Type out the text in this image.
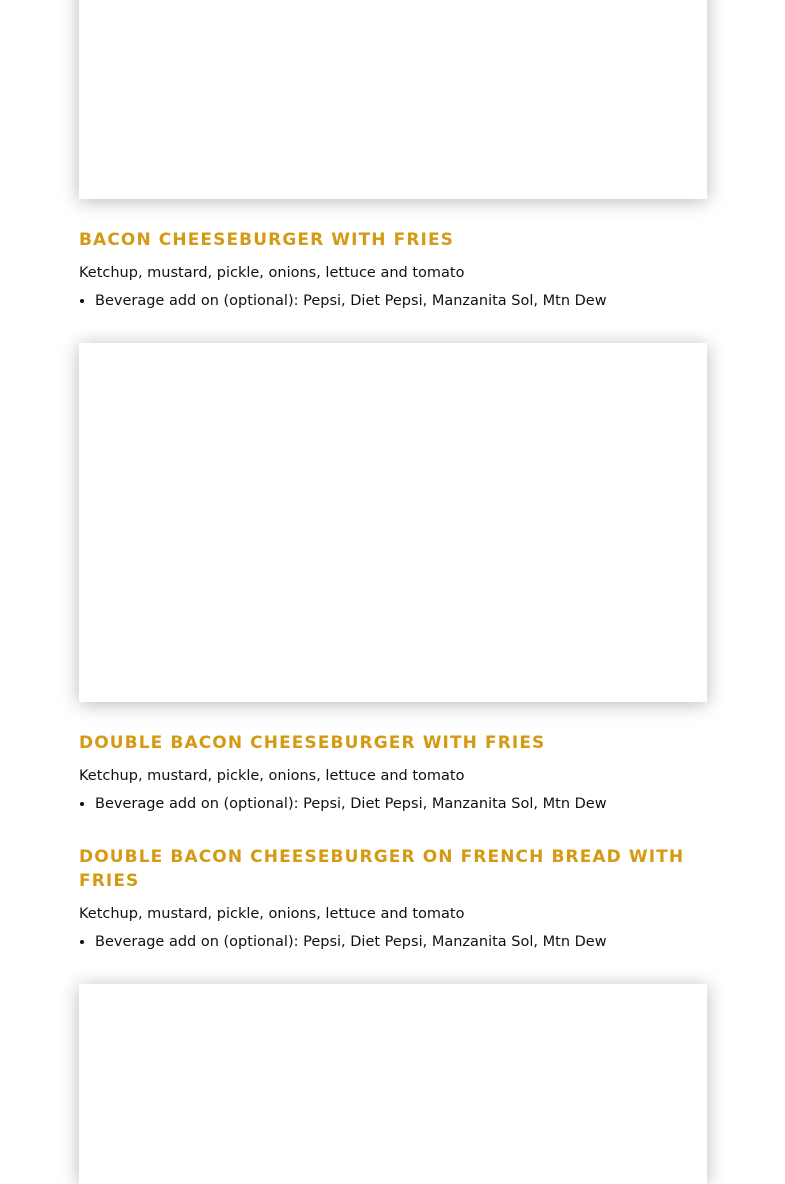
BACON CHEESEBURGER WITH FRIES

Ketchup, mustard, pickle, onions, lettuce and tomato

• Beverage add on (optional): Pepsi, Diet Pepsi, Manzanita Sol, Mtn Dew
DOUBLE BACON CHEESEBURGER WITH FRIES

Ketchup, mustard, pickle, onions, lettuce and tomato

• Beverage add on (optional): Pepsi, Diet Pepsi, Manzanita Sol, Mtn Dew
DOUBLE BACON CHEESEBURGER ON FRENCH BREAD WITH FRIES

Ketchup, mustard, pickle, onions, lettuce and tomato

• Beverage add on (optional): Pepsi, Diet Pepsi, Manzanita Sol, Mtn Dew
